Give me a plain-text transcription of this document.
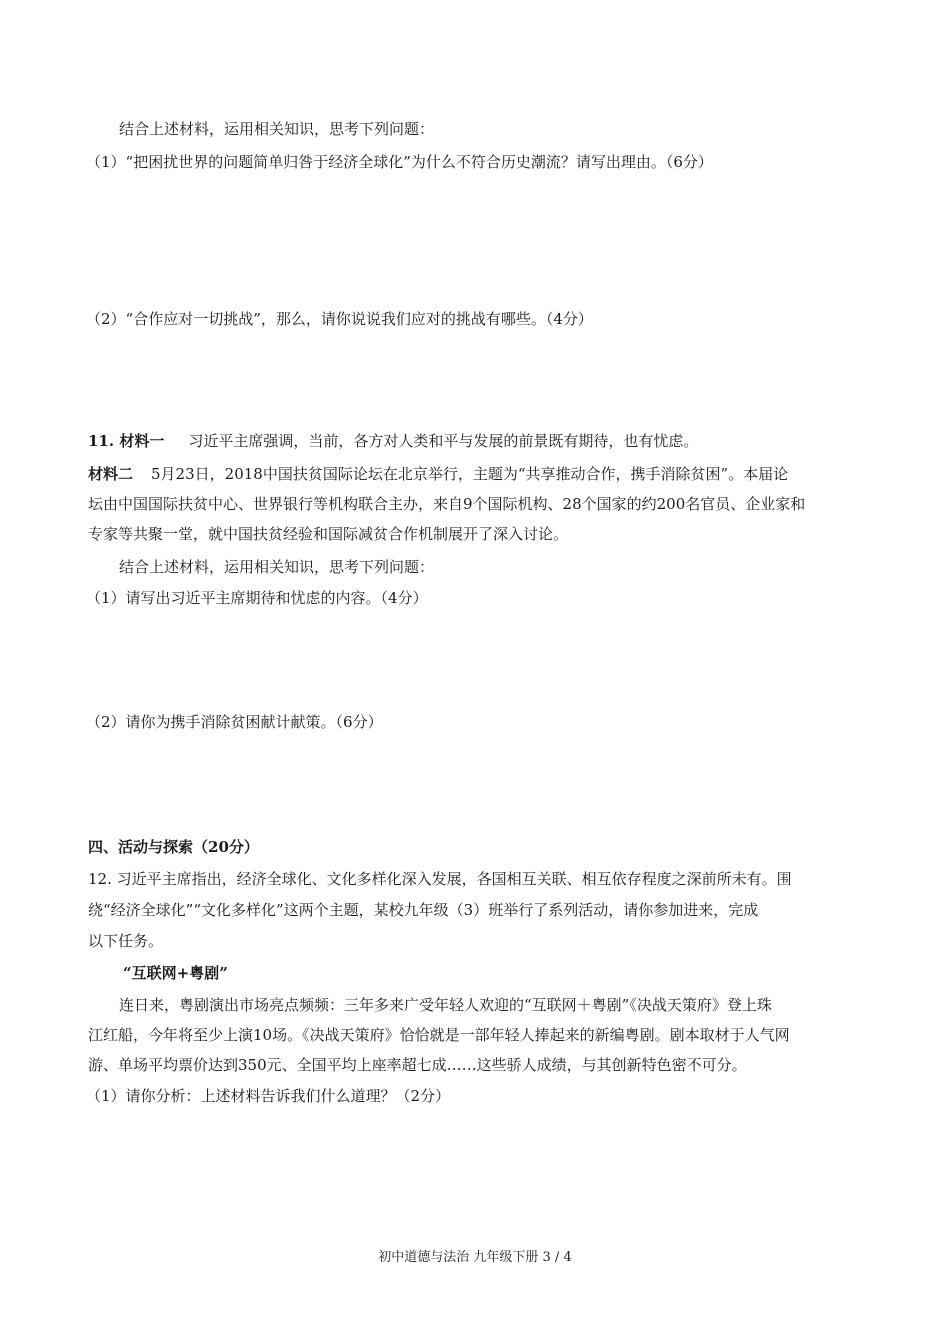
结合上述材料，运用相关知识，思考下列问题：
（1）“把困扰世界的问题简单归咎于经济全球化”为什么不符合历史潮流？请写出理由。（6分）
（2）“合作应对一切挑战”，那么，请你说说我们应对的挑战有哪些。（4分）
11. 材料一 习近平主席强调，当前，各方对人类和平与发展的前景既有期待，也有忧虑。
材料二 5月23日，2018中国扶贫国际论坛在北京举行，主题为“共享推动合作，携手消除贫困”。本届论
坛由中国国际扶贫中心、世界银行等机构联合主办，来自9个国际机构、28个国家的约200名官员、企业家和
专家等共聚一堂，就中国扶贫经验和国际减贫合作机制展开了深入讨论。
结合上述材料，运用相关知识，思考下列问题：
（1）请写出习近平主席期待和忧虑的内容。（4分）
（2）请你为携手消除贫困献计献策。（6分）
四、活动与探索（20分）
12. 习近平主席指出，经济全球化、文化多样化深入发展，各国相互关联、相互依存程度之深前所未有。围
绕“经济全球化”“文化多样化”这两个主题，某校九年级（3）班举行了系列活动，请你参加进来，完成
以下任务。
“互联网+粤剧”
连日来，粤剧演出市场亮点频频：三年多来广受年轻人欢迎的“互联网＋粤剧”《决战天策府》登上珠
江红船，今年将至少上演10场。《决战天策府》恰恰就是一部年轻人捧起来的新编粤剧。剧本取材于人气网
游、单场平均票价达到350元、全国平均上座率超七成……这些骄人成绩，与其创新特色密不可分。
（1）请你分析：上述材料告诉我们什么道理？（2分）
初中道德与法治 九年级下册 3 / 4
